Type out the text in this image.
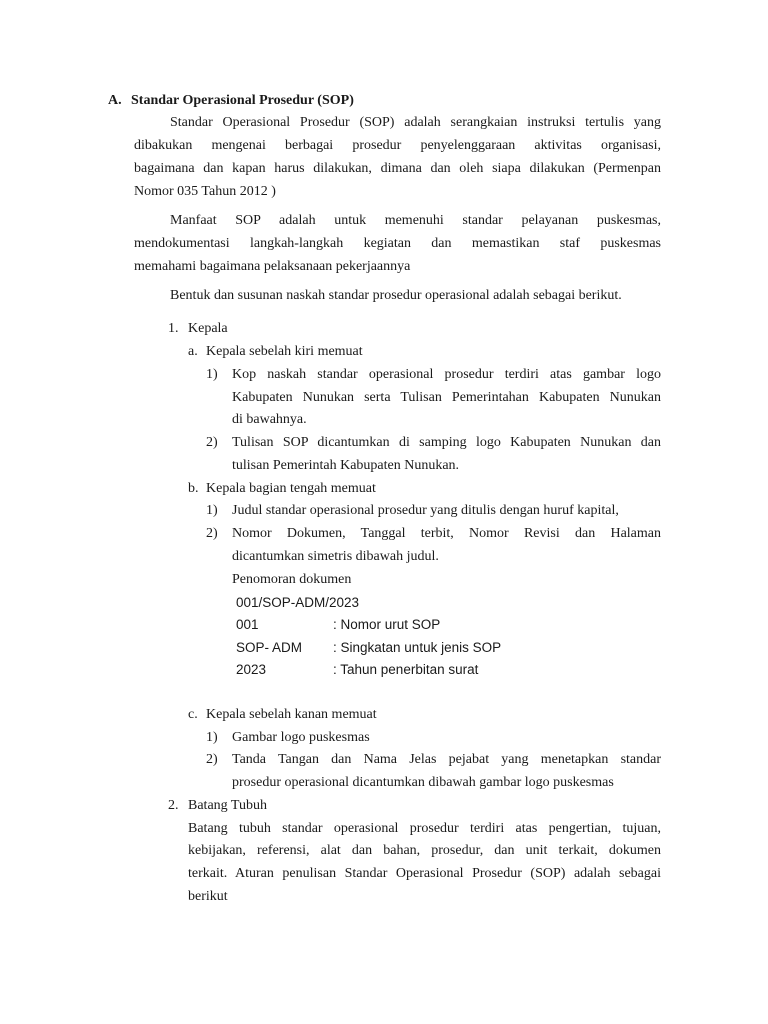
A. Standar Operasional Prosedur (SOP)
Standar Operasional Prosedur (SOP) adalah serangkaian instruksi tertulis yang
dibakukan mengenai berbagai prosedur penyelenggaraan aktivitas organisasi,
bagaimana dan kapan harus dilakukan, dimana dan oleh siapa dilakukan (Permenpan
Nomor 035 Tahun 2012 )
Manfaat SOP adalah untuk memenuhi standar pelayanan puskesmas,
mendokumentasi langkah-langkah kegiatan dan memastikan staf puskesmas
memahami bagaimana pelaksanaan pekerjaannya
Bentuk dan susunan naskah standar prosedur operasional adalah sebagai berikut.
1. Kepala
a. Kepala sebelah kiri memuat
1) Kop naskah standar operasional prosedur terdiri atas gambar logo
Kabupaten Nunukan serta Tulisan Pemerintahan Kabupaten Nunukan
di bawahnya.
2) Tulisan SOP dicantumkan di samping logo Kabupaten Nunukan dan
tulisan Pemerintah Kabupaten Nunukan.
b. Kepala bagian tengah memuat
1) Judul standar operasional prosedur yang ditulis dengan huruf kapital,
2) Nomor Dokumen, Tanggal terbit, Nomor Revisi dan Halaman
dicantumkan simetris dibawah judul.
Penomoran dokumen
001/SOP-ADM/2023
001	: Nomor urut SOP
SOP- ADM : Singkatan untuk jenis SOP
2023	: Tahun penerbitan surat
c. Kepala sebelah kanan memuat
1) Gambar logo puskesmas
2) Tanda Tangan dan Nama Jelas pejabat yang menetapkan standar
prosedur operasional dicantumkan dibawah gambar logo puskesmas
2. Batang Tubuh
Batang tubuh standar operasional prosedur terdiri atas pengertian, tujuan,
kebijakan, referensi, alat dan bahan, prosedur, dan unit terkait, dokumen
terkait. Aturan penulisan Standar Operasional Prosedur (SOP) adalah sebagai
berikut
